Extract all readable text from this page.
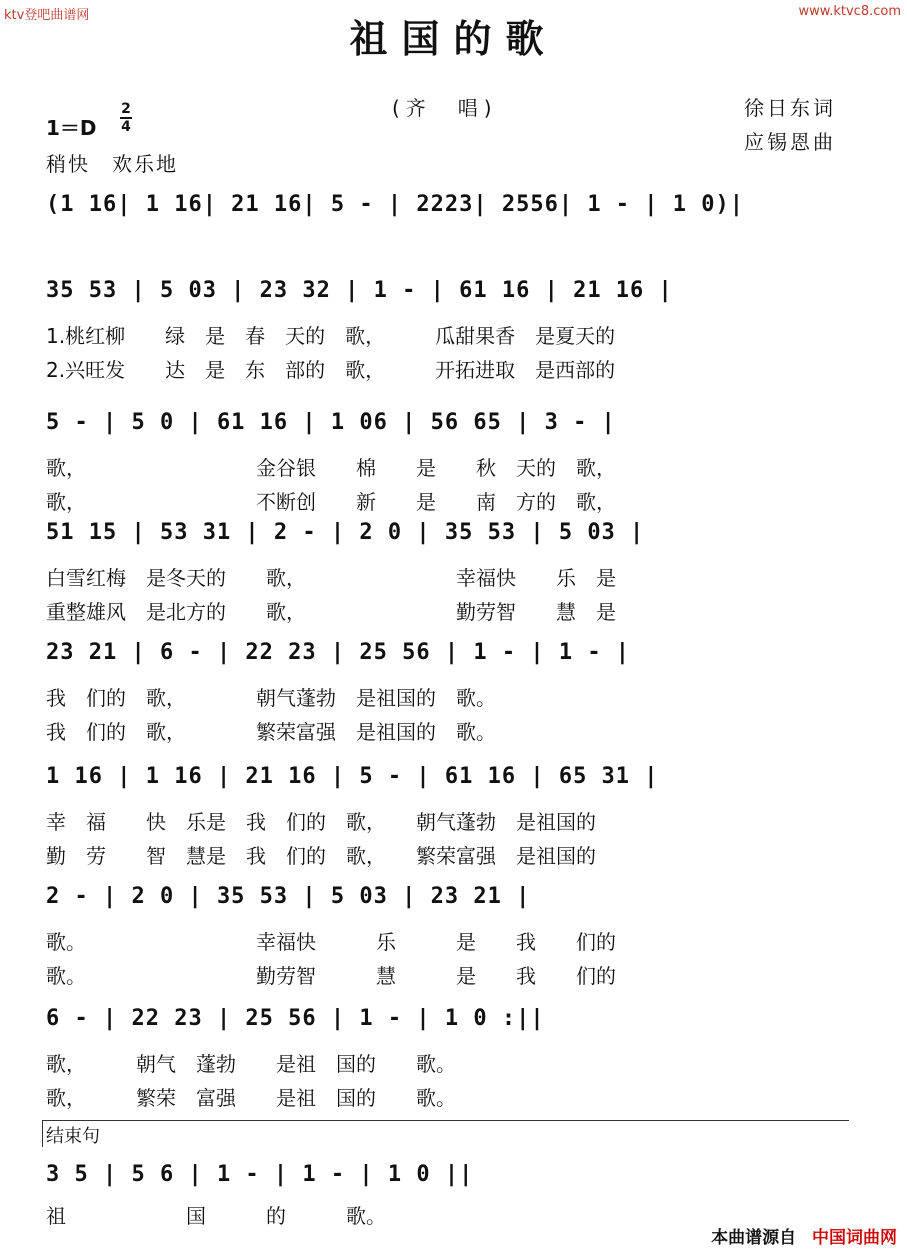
ktv登吧曲谱网	www.ktvc8.com
祖国的歌
(齐　唱)	徐日东词
应锡恩曲
1＝D
2
4
稍快　欢乐地
(1 16| 1 16| 21 16| 5 - | 2223| 2556| 1 - | 1 0)|
35 53 | 5 03 | 23 32 | 1 - | 61 16 | 21 16 |
1.桃红柳　　绿　是　春　天的　歌，　　　瓜甜果香　是夏天的
2.兴旺发　　达　是　东　部的　歌，　　　开拓进取　是西部的
5 - | 5 0 | 61 16 | 1 06 | 56 65 | 3 - |
歌，　　　　　　　　　金谷银　　棉　　是　　秋　天的　歌，
歌，　　　　　　　　　不断创　　新　　是　　南　方的　歌，
51 15 | 53 31 | 2 - | 2 0 | 35 53 | 5 03 |
白雪红梅　是冬天的　　歌，　　　　　　　　幸福快　　乐　是
重整雄风　是北方的　　歌，　　　　　　　　勤劳智　　慧　是
23 21 | 6 - | 22 23 | 25 56 | 1 - | 1 - |
我　们的　歌，　　　　朝气蓬勃　是祖国的　歌。
我　们的　歌，　　　　繁荣富强　是祖国的　歌。
1 16 | 1 16 | 21 16 | 5 - | 61 16 | 65 31 |
幸　福　　快　乐是　我　们的　歌，　　朝气蓬勃　是祖国的
勤　劳　　智　慧是　我　们的　歌，　　繁荣富强　是祖国的
2 - | 2 0 | 35 53 | 5 03 | 23 21 |
歌。　　　　　　　　　幸福快　　　乐　　　是　　我　　们的
歌。　　　　　　　　　勤劳智　　　慧　　　是　　我　　们的
6 - | 22 23 | 25 56 | 1 - | 1 0 :||
歌，　　　朝气　蓬勃　　是祖　国的　　歌。
歌，　　　繁荣　富强　　是祖　国的　　歌。
结束句
3 5 | 5 6 | 1 - | 1 - | 1 0 ||
祖　　　　　　国　　　的　　　歌。
本曲谱源自 中国词曲网
